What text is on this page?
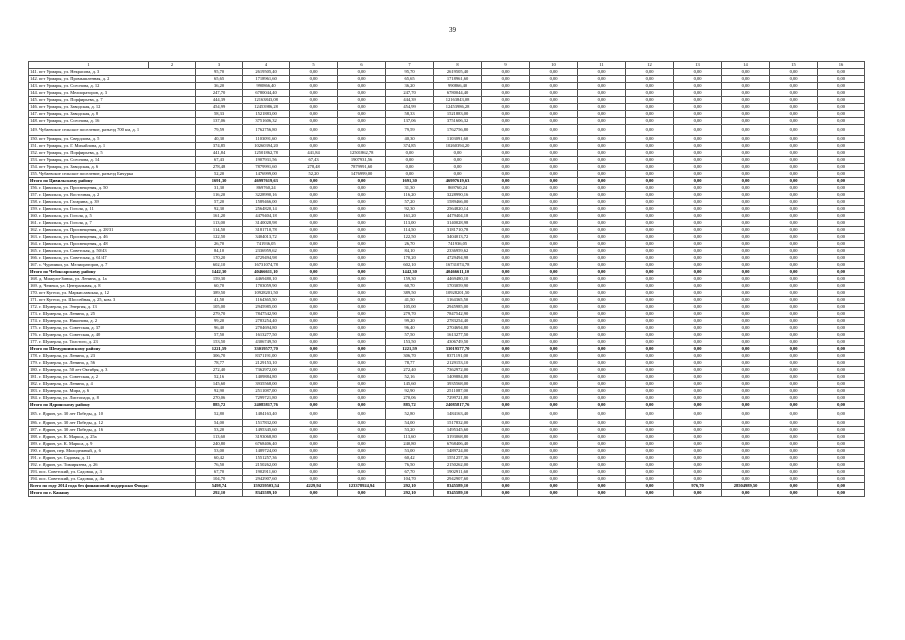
39
1	2	3	4	5	6	7	8	9	10	11	12	13	14	15	16
141. пгт Урмары, ул. Некрасова, д. 3		95,70	2619505,40	0,00	0,00	95,70	2619505,40	0,00	0,00	0,00	0,00	0,00	0,00	0,00	0,00
142. пгт Урмары, ул. Промышленная, д. 2		65,65	1718961,60	0,00	0,00	65,65	1718961,60	0,00	0,00	0,00	0,00	0,00	0,00	0,00	0,00
143. пгт Урмары, ул. Ссеснова, д. 12		36,20	990866,40	0,00	0,00	36,20	990866,40	0,00	0,00	0,00	0,00	0,00	0,00	0,00	0,00
144. пгт Урмары, ул. Мелиораторов, д. 3		247,70	6780044,40	0,00	0,00	247,70	6780044,40	0,00	0,00	0,00	0,00	0,00	0,00	0,00	0,00
145. пгт Урмары, ул. Порфирьева, д. 7		444,39	12163843,08	0,00	0,00	444,39	12163843,08	0,00	0,00	0,00	0,00	0,00	0,00	0,00	0,00
146. пгт Урмары, ул. Заводская, д. 12		454,99	12453986,28	0,00	0,00	454,99	12453986,28	0,00	0,00	0,00	0,00	0,00	0,00	0,00	0,00
147. пгт Урмары, ул. Заводская, д. 8		58,33	1521883,00	0,00	0,00	58,33	1521883,00	0,00	0,00	0,00	0,00	0,00	0,00	0,00	0,00
148. пгт Урмары, ул. Ссеснова, д. 16		137,06	3751606,32	0,00	0,00	137,06	3751606,32	0,00	0,00	0,00	0,00	0,00	0,00	0,00	0,00
149. Чубаевское сельское поселение, разъезд 700 км, д. 1		79,59	1762756,80	0,00	0,00	79,59	1762756,80	0,00	0,00	0,00	0,00	0,00	0,00	0,00	0,00
150. пгт Урмары, ул. Свердлова, д. 5		40,30	1103091,60	0,00	0,00	40,30	1103091,60	0,00	0,00	0,00	0,00	0,00	0,00	0,00	0,00
151. пгт Урмары, ул. Г. Михайлова, д. 1		374,85	10260394,20	0,00	0,00	374,85	10260394,20	0,00	0,00	0,00	0,00	0,00	0,00	0,00	0,00
152. пгт Урмары, ул. Порфирьева, д. 5		441,84	12501862,78	441,84	12501862,78	0,00	0,00	0,00	0,00	0,00	0,00	0,00	0,00	0,00	0,00
153. пгт Урмары, ул. Ссеснова, д. 14		67,43	1907931,56	67,43	1907931,56	0,00	0,00	0,00	0,00	0,00	0,00	0,00	0,00	0,00	0,00
154. пгт Урмары, ул. Заводская, д. 6		278,48	7879991,60	278,48	7879991,60	0,00	0,00	0,00	0,00	0,00	0,00	0,00	0,00	0,00	0,00
155. Чубаевское сельское поселение, разъезд Бичурка		52,20	1476999,00	52,20	1476999,00	0,00	0,00	0,00	0,00	0,00	0,00	0,00	0,00	0,00	0,00
Итого по Цивильскому району		1691,30	46997619,63	0,00	0,00	1691,30	46997619,63	0,00	0,00	0,00	0,00	0,00	0,00	0,00	0,00
156. г. Цивильск, ул. Просвещения, д. 50		31,30	869760,24	0,00	0,00	31,30	869760,24	0,00	0,00	0,00	0,00	0,00	0,00	0,00	0,00
157. г. Цивильск, ул. Восточная, д. 2		116,20	3228990,16	0,00	0,00	116,20	3228990,16	0,00	0,00	0,00	0,00	0,00	0,00	0,00	0,00
158. г. Цивильск, ул. Гагарина, д. 39		57,20	1589466,00	0,00	0,00	57,20	1589466,00	0,00	0,00	0,00	0,00	0,00	0,00	0,00	0,00
159. г. Цивильск, ул. Гоголя, д. 11		92,30	2564820,14	0,00	0,00	92,30	2564820,14	0,00	0,00	0,00	0,00	0,00	0,00	0,00	0,00
160. г. Цивильск, ул. Гоголя, д. 5		161,20	4479404,18	0,00	0,00	161,20	4479404,18	0,00	0,00	0,00	0,00	0,00	0,00	0,00	0,00
161. г. Цивильск, ул. Гоголя, д. 7		113,00	3140028,98	0,00	0,00	113,00	3140028,98	0,00	0,00	0,00	0,00	0,00	0,00	0,00	0,00
162. г. Цивильск, ул. Просвещения, д. 28/31		114,50	3181710,78	0,00	0,00	114,50	3181710,78	0,00	0,00	0,00	0,00	0,00	0,00	0,00	0,00
163. г. Цивильск, ул. Просвещения, д. 46		122,50	3404013,72	0,00	0,00	122,50	3404013,72	0,00	0,00	0,00	0,00	0,00	0,00	0,00	0,00
164. г. Цивильск, ул. Просвещения, д. 48		26,70	741936,05	0,00	0,00	26,70	741936,05	0,00	0,00	0,00	0,00	0,00	0,00	0,00	0,00
165. г. Цивильск, ул. Советская, д. 50/43		84,10	2336959,62	0,00	0,00	84,10	2336959,62	0,00	0,00	0,00	0,00	0,00	0,00	0,00	0,00
166. г. Цивильск, ул. Советская, д. 61/47		170,20	4729494,98	0,00	0,00	170,20	4729494,98	0,00	0,00	0,00	0,00	0,00	0,00	0,00	0,00
167. с. Чурачики, ул. Мелиораторов, д. 7		602,10	16731074,78	0,00	0,00	602,10	16731074,78	0,00	0,00	0,00	0,00	0,00	0,00	0,00	0,00
Итого по Чебоксарскому району		1442,30	40466611,10	0,00	0,00	1442,30	40466611,10	0,00	0,00	0,00	0,00	0,00	0,00	0,00	0,00
168. д. Мижули-Зиньк, ул. Ленина, д. 1а		159,30	4469480,10	0,00	0,00	159,30	4469480,10	0,00	0,00	0,00	0,00	0,00	0,00	0,00	0,00
169. д. Чемеки, ул. Центральная, д. 8		60,70	1703059,90	0,00	0,00	60,70	1703059,90	0,00	0,00	0,00	0,00	0,00	0,00	0,00	0,00
170. пгт Кугеси, ул. Маркиславская, д. 12		389,50	10928201,50	0,00	0,00	389,50	10928201,50	0,00	0,00	0,00	0,00	0,00	0,00	0,00	0,00
171. пгт Кугеси, ул. Шоссейная, д. 25, ком. 3		41,50	1164365,50	0,00	0,00	41,50	1164365,50	0,00	0,00	0,00	0,00	0,00	0,00	0,00	0,00
172. г. Шумерля, ул. Энергия, д. 13		105,00	2945985,00	0,00	0,00	105,00	2945985,00	0,00	0,00	0,00	0,00	0,00	0,00	0,00	0,00
173. г. Шумерля, ул. Ленина, д. 25		279,70	7847542,90	0,00	0,00	279,70	7847542,90	0,00	0,00	0,00	0,00	0,00	0,00	0,00	0,00
174. г. Шумерля, ул. Никонова, д. 2		99,20	2783254,40	0,00	0,00	99,20	2783254,40	0,00	0,00	0,00	0,00	0,00	0,00	0,00	0,00
175. г. Шумерля, ул. Советская, д. 37		96,40	2704694,80	0,00	0,00	96,40	2704694,80	0,00	0,00	0,00	0,00	0,00	0,00	0,00	0,00
176. г. Шумерля, ул. Советская, д. 40		57,50	1613277,50	0,00	0,00	57,50	1613277,50	0,00	0,00	0,00	0,00	0,00	0,00	0,00	0,00
177. г. Шумерля, ул. Толстого, д. 23		153,50	4306749,50	0,00	0,00	153,50	4306749,50	0,00	0,00	0,00	0,00	0,00	0,00	0,00	0,00
Итого по Шемуршинскому району		1221,59	33019577,70	0,00	0,00	1221,59	33019577,70	0,00	0,00	0,00	0,00	0,00	0,00	0,00	0,00
178. г. Шумерля, ул. Ленина, д. 23		306,70	8371191,00	0,00	0,00	306,70	8371191,00	0,00	0,00	0,00	0,00	0,00	0,00	0,00	0,00
179. г. Шумерля, ул. Ленина, д. 56		78,77	2129153,10	0,00	0,00	78,77	2129153,10	0,00	0,00	0,00	0,00	0,00	0,00	0,00	0,00
180. г. Шумерля, ул. 50 лет Октября, д. 3		272,40	7362972,00	0,00	0,00	272,40	7362972,00	0,00	0,00	0,00	0,00	0,00	0,00	0,00	0,00
181. г. Шумерля, ул. Советская, д. 2		52,16	1409884,80	0,00	0,00	52,16	1409884,80	0,00	0,00	0,00	0,00	0,00	0,00	0,00	0,00
182. г. Шумерля, ул. Ленина, д. 4		145,60	3935568,00	0,00	0,00	145,60	3935568,00	0,00	0,00	0,00	0,00	0,00	0,00	0,00	0,00
183. г. Шумерля, ул. Мира, д. 6		92,90	2511087,00	0,00	0,00	92,90	2511087,00	0,00	0,00	0,00	0,00	0,00	0,00	0,00	0,00
184. г. Шумерля, ул. Листопада, д. 8		270,06	7299721,80	0,00	0,00	270,06	7299721,80	0,00	0,00	0,00	0,00	0,00	0,00	0,00	0,00
Итого по Ядринскому району		885,72	24085817,76	0,00	0,00	885,72	24085817,76	0,00	0,00	0,00	0,00	0,00	0,00	0,00	0,00
185. г. Ядрин, ул. 30 лет Победы, д. 10		52,80	1484163,40	0,00	0,00	52,80	1484163,40	0,00	0,00	0,00	0,00	0,00	0,00	0,00	0,00
186. г. Ядрин, ул. 30 лет Победы, д. 12		54,00	1517832,00	0,00	0,00	54,00	1517832,00	0,00	0,00	0,00	0,00	0,00	0,00	0,00	0,00
187. г. Ядрин, ул. 30 лет Победы, д. 16		53,20	1495345,60	0,00	0,00	53,20	1495345,60	0,00	0,00	0,00	0,00	0,00	0,00	0,00	0,00
188. г. Ядрин, ул. К. Маркса, д. 25а		113,60	3193068,80	0,00	0,00	113,60	3193068,80	0,00	0,00	0,00	0,00	0,00	0,00	0,00	0,00
189. г. Ядрин, ул. К. Маркса, д. 9		240,80	6768406,40	0,00	0,00	240,80	6768406,40	0,00	0,00	0,00	0,00	0,00	0,00	0,00	0,00
190. г. Ядрин, пер. Молодежный, д. 6		53,00	1489724,00	0,00	0,00	53,00	1489724,00	0,00	0,00	0,00	0,00	0,00	0,00	0,00	0,00
191. г. Ядрин, ул. Садовая, д. 11		60,42	1551257,36	0,00	0,00	60,42	1551257,36	0,00	0,00	0,00	0,00	0,00	0,00	0,00	0,00
192. г. Ядрин, ул. Тимирязева, д. 26		76,50	2150262,00	0,00	0,00	76,50	2150262,00	0,00	0,00	0,00	0,00	0,00	0,00	0,00	0,00
193. пос. Советский, ул. Садовая, д. 3		67,70	1902911,60	0,00	0,00	67,70	1902911,60	0,00	0,00	0,00	0,00	0,00	0,00	0,00	0,00
194. пос. Советский, ул. Садовая, д. 4а		104,70	2942907,60	0,00	0,00	104,70	2942907,60	0,00	0,00	0,00	0,00	0,00	0,00	0,00	0,00
Всего по году 2014 года без финансовой поддержки Фонда:		5498,74	159259503,54	4229,94	123378924,94	292,10	8345589,10	0,00	0,00	0,00	0,00	976,70	28504989,50	0,00	0,00
Итого по г. Канашу		292,10	8345589,10	0,00	0,00	292,10	8345589,10	0,00	0,00	0,00	0,00	0,00	0,00	0,00	0,00
